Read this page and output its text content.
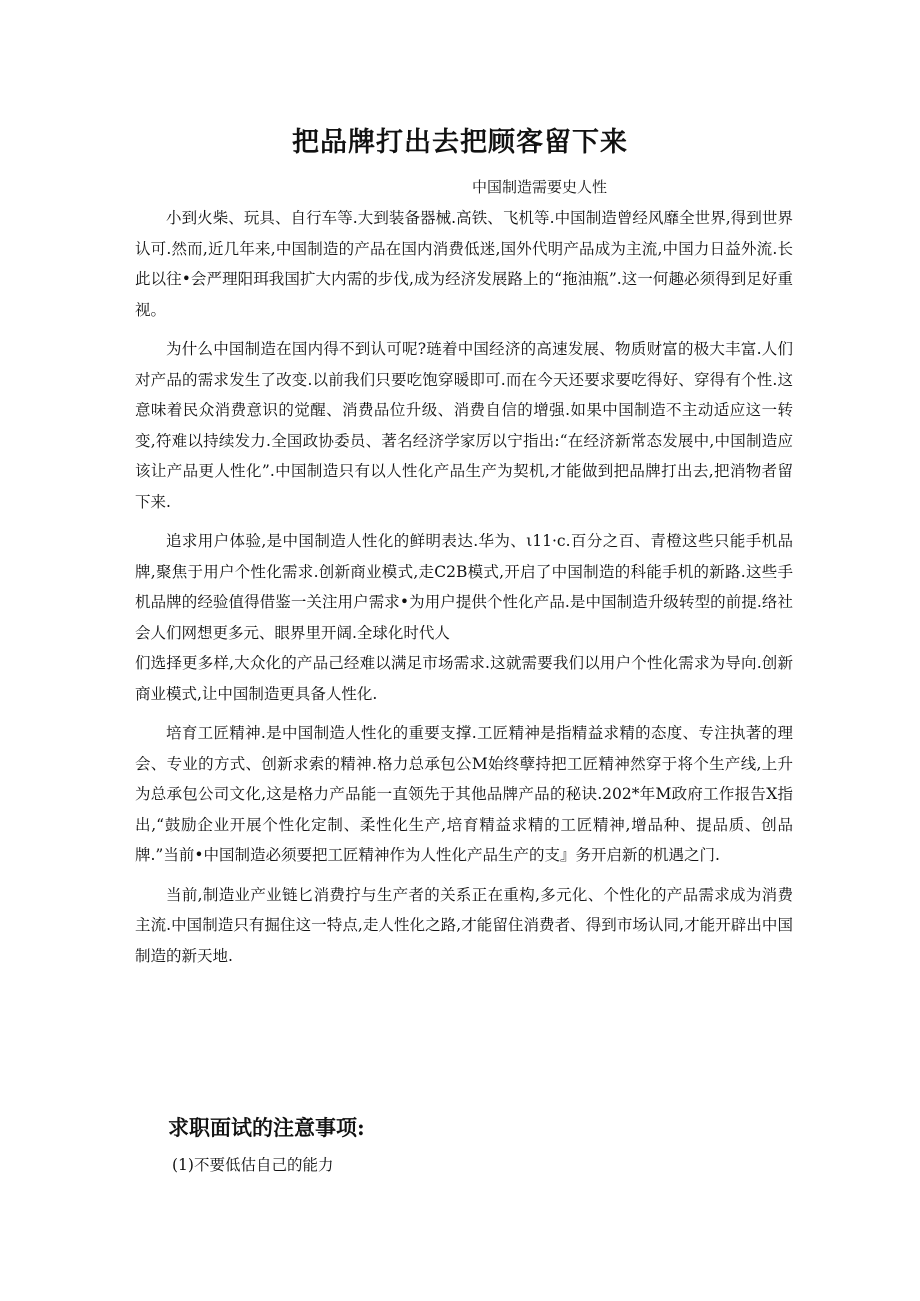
把品牌打出去把顾客留下来

中国制造需要史人性

小到火柴、玩具、自行车等.大到装备器械.高铁、飞机等.中国制造曾经风靡全世界,得到世界认可.然而,近几年来,中国制造的产品在国内消费低迷,国外代明产品成为主流,中国力日益外流.长此以往•会严理阳珥我国扩大内需的步伐,成为经济发展路上的“拖油瓶”.这一何趣必须得到足好重视。

为什么中国制造在国内得不到认可呢?琏着中国经济的高速发展、物质财富的极大丰富.人们对产品的需求发生了改变.以前我们只要吃饱穿暖即可.而在今天还要求要吃得好、穿得有个性.这意味着民众消费意识的觉醒、消费品位升级、消费自信的增强.如果中国制造不主动适应这一转变,符难以持续发力.全国政协委员、著名经济学家厉以宁指出:“在经济新常态发展中,中国制造应该让产品更人性化”.中国制造只有以人性化产品生产为契机,才能做到把品牌打出去,把消物者留下来.

追求用户体验,是中国制造人性化的鲜明表达.华为、ι11·c.百分之百、青橙这些只能手机品牌,聚焦于用户个性化需求.创新商业模式,走C2B模式,开启了中国制造的科能手机的新路.这些手机品牌的经验值得借鉴一关注用户需求•为用户提供个性化产品.是中国制造升级转型的前提.络社会人们网想更多元、眼界里开阔.全球化时代人

们选择更多样,大众化的产品己经难以满足市场需求.这就需要我们以用户个性化需求为导向.创新商业模式,让中国制造更具备人性化.

培育工匠精神.是中国制造人性化的重要支撑.工匠精神是指精益求精的态度、专注执著的理会、专业的方式、创新求索的精神.格力总承包公M始终孽持把工匠精神然穿于将个生产线,上升为总承包公司文化,这是格力产品能一直领先于其他品牌产品的秘诀.202*年M政府工作报告X指出,“鼓励企业开展个性化定制、柔性化生产,培育精益求精的工匠精神,增品种、提品质、创品牌.”当前•中国制造必须要把工匠精神作为人性化产品生产的支』务开启新的机遇之门.

当前,制造业产业链匕消费拧与生产者的关系正在重构,多元化、个性化的产品需求成为消费主流.中国制造只有掘住这一特点,走人性化之路,才能留住消费者、得到市场认同,才能开辟出中国制造的新天地.

求职面试的注意事项:

(1)不要低估自己的能力
